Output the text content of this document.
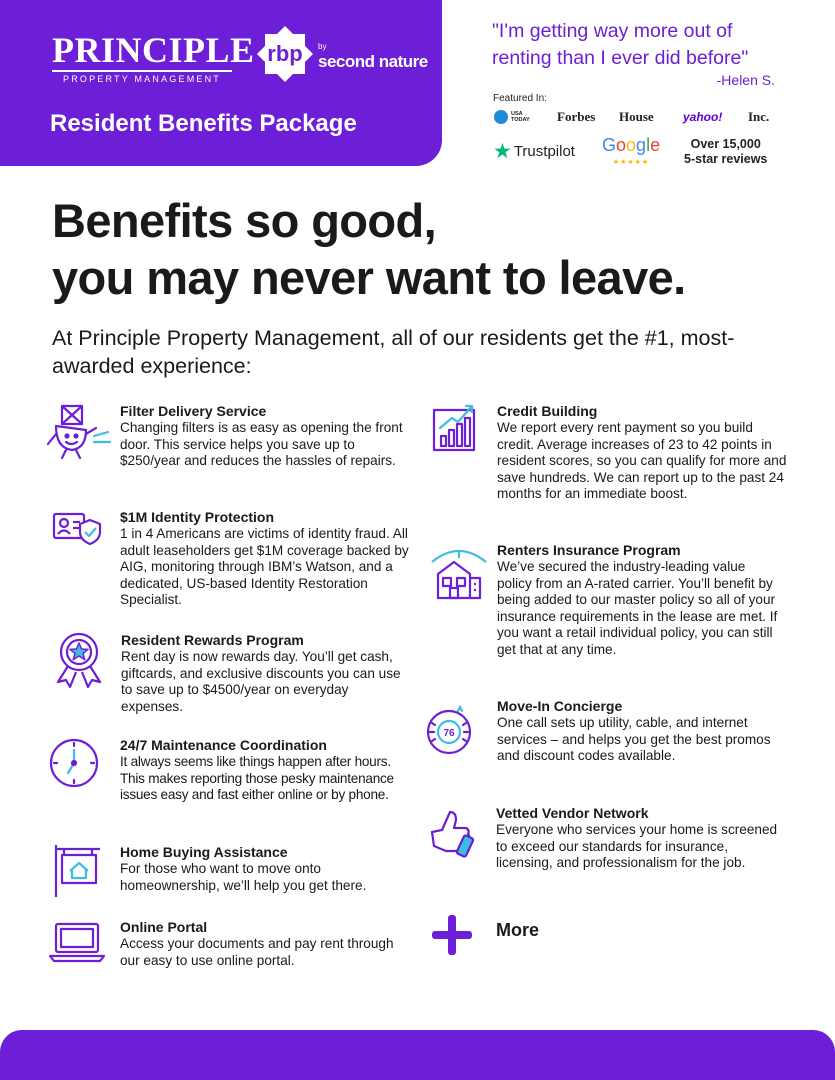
PRINCIPLE
PROPERTY MANAGEMENT
rbp	by
second nature
Resident Benefits Package
"I'm getting way more out of renting than I ever did before"
-Helen S.
Featured In:
USA TODAY Forbes House yahoo! Inc.
★ Trustpilot Google
★★★★★
Over 15,000
5-star reviews
Benefits so good,
you may never want to leave.
At Principle Property Management, all of our residents get the #1, most-awarded experience:
Filter Delivery Service
Changing filters is as easy as opening the front door. This service helps you save up to $250/year and reduces the hassles of repairs.
$1M Identity Protection
1 in 4 Americans are victims of identity fraud. All adult leaseholders get $1M coverage backed by AIG, monitoring through IBM’s Watson, and a dedicated, US-based Identity Restoration Specialist.
Resident Rewards Program
Rent day is now rewards day. You’ll get cash, giftcards, and exclusive discounts you can use to save up to $4500/year on everyday expenses.
24/7 Maintenance Coordination
It always seems like things happen after hours. This makes reporting those pesky maintenance issues easy and fast either online or by phone.
Home Buying Assistance
For those who want to move onto homeownership, we’ll help you get there.
Online Portal
Access your documents and pay rent through our easy to use online portal.
76
Credit Building
We report every rent payment so you build credit. Average increases of 23 to 42 points in resident scores, so you can qualify for more and save hundreds. We can report up to the past 24 months for an immediate boost.
Renters Insurance Program
We’ve secured the industry-leading value policy from an A-rated carrier. You’ll benefit by being added to our master policy so all of your insurance requirements in the lease are met. If you want a retail individual policy, you can still get that at any time.
Move-In Concierge
One call sets up utility, cable, and internet services – and helps you get the best promos and discount codes available.
Vetted Vendor Network
Everyone who services your home is screened to exceed our standards for insurance, licensing, and professionalism for the job.
More
